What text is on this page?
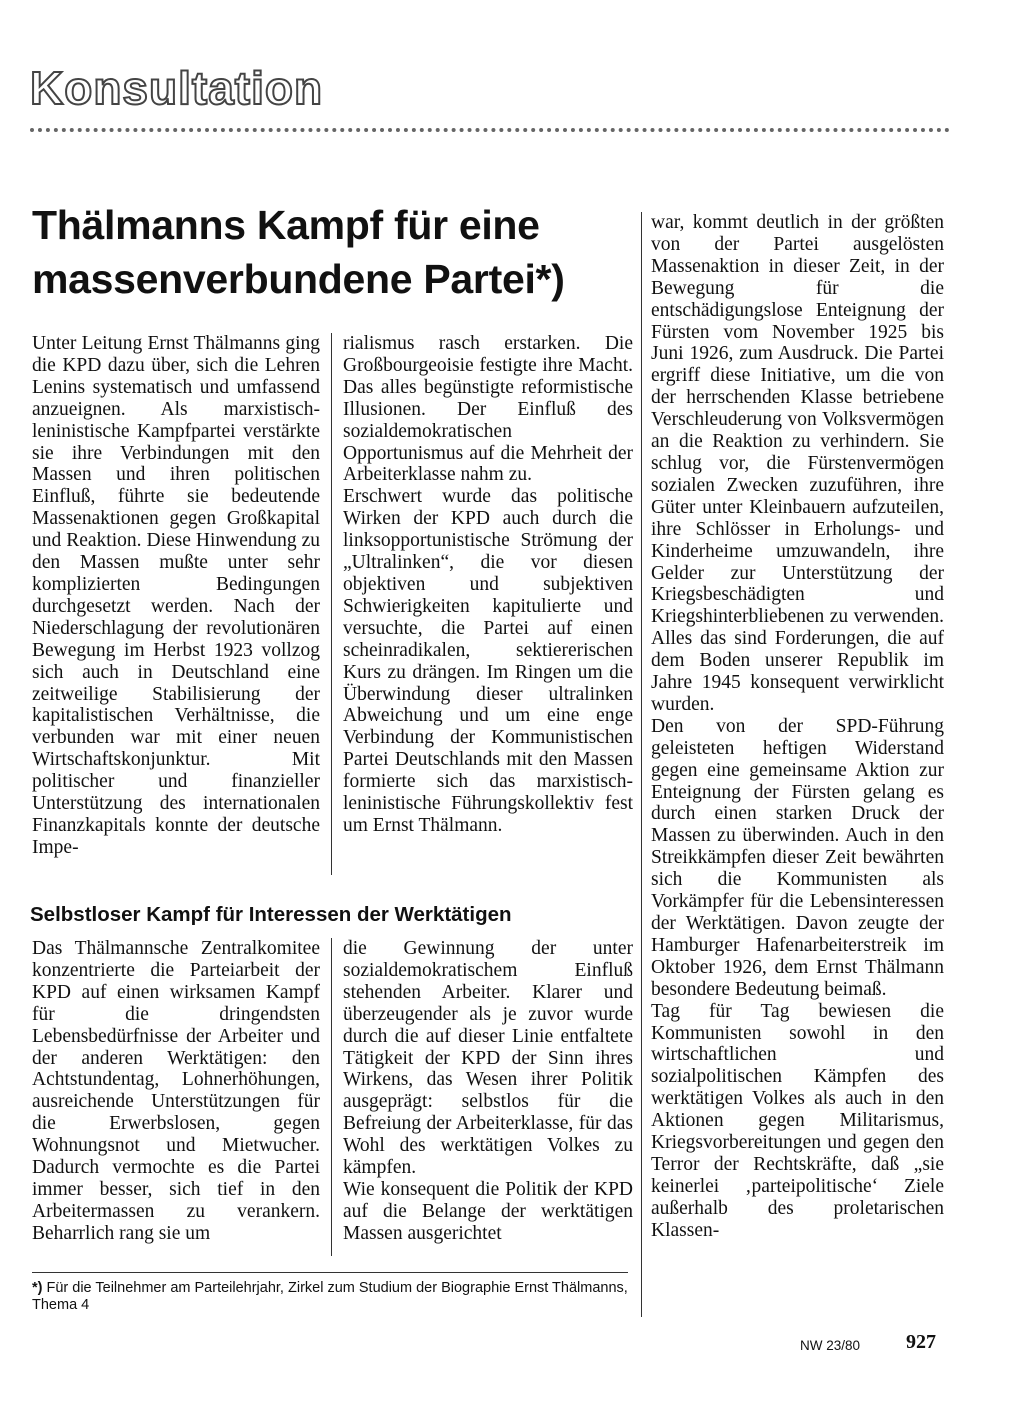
Konsultation
Thälmanns Kampf für eine massenverbundene Partei*)

Unter Leitung Ernst Thälmanns ging die KPD dazu über, sich die Lehren Lenins systematisch und umfassend anzueignen. Als marxistisch-leninistische Kampfpartei verstärkte sie ihre Verbindungen mit den Massen und ihren politischen Einfluß, führte sie bedeutende Massenaktionen gegen Großkapital und Reaktion. Diese Hinwendung zu den Massen mußte unter sehr komplizierten Bedingungen durchgesetzt werden. Nach der Niederschlagung der revolutionären Bewegung im Herbst 1923 vollzog sich auch in Deutschland eine zeitweilige Stabilisierung der kapitalistischen Verhältnisse, die verbunden war mit einer neuen Wirtschaftskonjunktur. Mit politischer und finanzieller Unterstützung des internationalen Finanzkapitals konnte der deutsche Impe-

rialismus rasch erstarken. Die Großbourgeoisie festigte ihre Macht. Das alles begünstigte reformistische Illusionen. Der Einfluß des sozialdemokratischen Opportunismus auf die Mehrheit der Arbeiterklasse nahm zu.

Erschwert wurde das politische Wirken der KPD auch durch die linksopportunistische Strömung der „Ultralinken“, die vor diesen objektiven und subjektiven Schwierigkeiten kapitulierte und versuchte, die Partei auf einen scheinradikalen, sektiererischen Kurs zu drängen. Im Ringen um die Überwindung dieser ultralinken Abweichung und um eine enge Verbindung der Kommunistischen Partei Deutschlands mit den Massen formierte sich das marxistisch-leninistische Führungskollektiv fest um Ernst Thälmann.

war, kommt deutlich in der größten von der Partei ausgelösten Massenaktion in dieser Zeit, in der Bewegung für die entschädigungslose Enteignung der Fürsten vom November 1925 bis Juni 1926, zum Ausdruck. Die Partei ergriff diese Initiative, um die von der herrschenden Klasse betriebene Verschleuderung von Volksvermögen an die Reaktion zu verhindern. Sie schlug vor, die Fürstenvermögen sozialen Zwecken zuzuführen, ihre Güter unter Kleinbauern aufzuteilen, ihre Schlösser in Erholungs- und Kinderheime umzuwandeln, ihre Gelder zur Unterstützung der Kriegsbeschädigten und Kriegshinterbliebenen zu verwenden. Alles das sind Forderungen, die auf dem Boden unserer Republik im Jahre 1945 konsequent verwirklicht wurden.

Den von der SPD-Führung geleisteten heftigen Widerstand gegen eine gemeinsame Aktion zur Enteignung der Fürsten gelang es durch einen starken Druck der Massen zu überwinden. Auch in den Streikkämpfen dieser Zeit bewährten sich die Kommunisten als Vorkämpfer für die Lebensinteressen der Werktätigen. Davon zeugte der Hamburger Hafenarbeiterstreik im Oktober 1926, dem Ernst Thälmann besondere Bedeutung beimaß.

Tag für Tag bewiesen die Kommunisten sowohl in den wirtschaftlichen und sozialpolitischen Kämpfen des werktätigen Volkes als auch in den Aktionen gegen Militarismus, Kriegsvorbereitungen und gegen den Terror der Rechtskräfte, daß „sie keinerlei ‚parteipolitische‘ Ziele außerhalb des proletarischen Klassen-

Selbstloser Kampf für Interessen der Werktätigen

Das Thälmannsche Zentralkomitee konzentrierte die Parteiarbeit der KPD auf einen wirksamen Kampf für die dringendsten Lebensbedürfnisse der Arbeiter und der anderen Werktätigen: den Achtstundentag, Lohnerhöhungen, ausreichende Unterstützungen für die Erwerbslosen, gegen Wohnungsnot und Mietwucher. Dadurch vermochte es die Partei immer besser, sich tief in den Arbeitermassen zu verankern. Beharrlich rang sie um

die Gewinnung der unter sozialdemokratischem Einfluß stehenden Arbeiter. Klarer und überzeugender als je zuvor wurde durch die auf dieser Linie entfaltete Tätigkeit der KPD der Sinn ihres Wirkens, das Wesen ihrer Politik ausgeprägt: selbstlos für die Befreiung der Arbeiterklasse, für das Wohl des werktätigen Volkes zu kämpfen.

Wie konsequent die Politik der KPD auf die Belange der werktätigen Massen ausgerichtet

*) Für die Teilnehmer am Parteilehrjahr, Zirkel zum Studium der Biographie Ernst Thälmanns, Thema 4

NW 23/80 927
